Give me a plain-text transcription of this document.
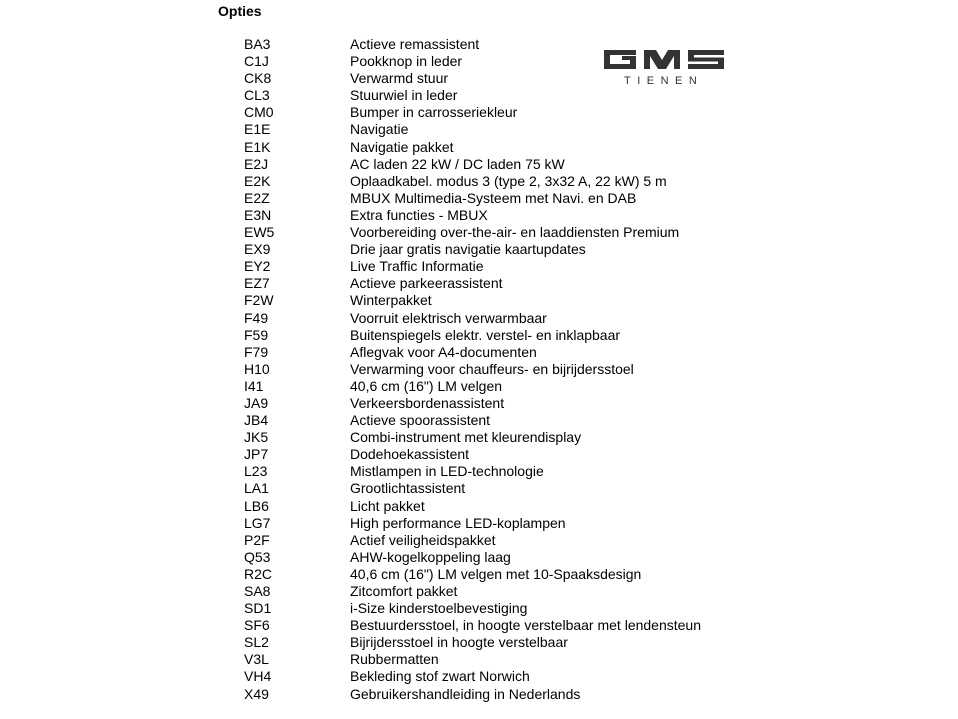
Opties
TIENEN
BA3	Actieve remassistent
C1J	Pookknop in leder
CK8	Verwarmd stuur
CL3	Stuurwiel in leder
CM0	Bumper in carrosseriekleur
E1E	Navigatie
E1K	Navigatie pakket
E2J	AC laden 22 kW / DC laden 75 kW
E2K	Oplaadkabel. modus 3 (type 2, 3x32 A, 22 kW) 5 m
E2Z	MBUX Multimedia-Systeem met Navi. en DAB
E3N	Extra functies - MBUX
EW5	Voorbereiding over-the-air- en laaddiensten Premium
EX9	Drie jaar gratis navigatie kaartupdates
EY2	Live Traffic Informatie
EZ7	Actieve parkeerassistent
F2W	Winterpakket
F49	Voorruit elektrisch verwarmbaar
F59	Buitenspiegels elektr. verstel- en inklapbaar
F79	Aflegvak voor A4-documenten
H10	Verwarming voor chauffeurs- en bijrijdersstoel
I41	40,6 cm (16") LM velgen
JA9	Verkeersbordenassistent
JB4	Actieve spoorassistent
JK5	Combi-instrument met kleurendisplay
JP7	Dodehoekassistent
L23	Mistlampen in LED-technologie
LA1	Grootlichtassistent
LB6	Licht pakket
LG7	High performance LED-koplampen
P2F	Actief veiligheidspakket
Q53	AHW-kogelkoppeling laag
R2C	40,6 cm (16") LM velgen met 10-Spaaksdesign
SA8	Zitcomfort pakket
SD1	i-Size kinderstoelbevestiging
SF6	Bestuurdersstoel, in hoogte verstelbaar met lendensteun
SL2	Bijrijdersstoel in hoogte verstelbaar
V3L	Rubbermatten
VH4	Bekleding stof zwart Norwich
X49	Gebruikershandleiding in Nederlands
